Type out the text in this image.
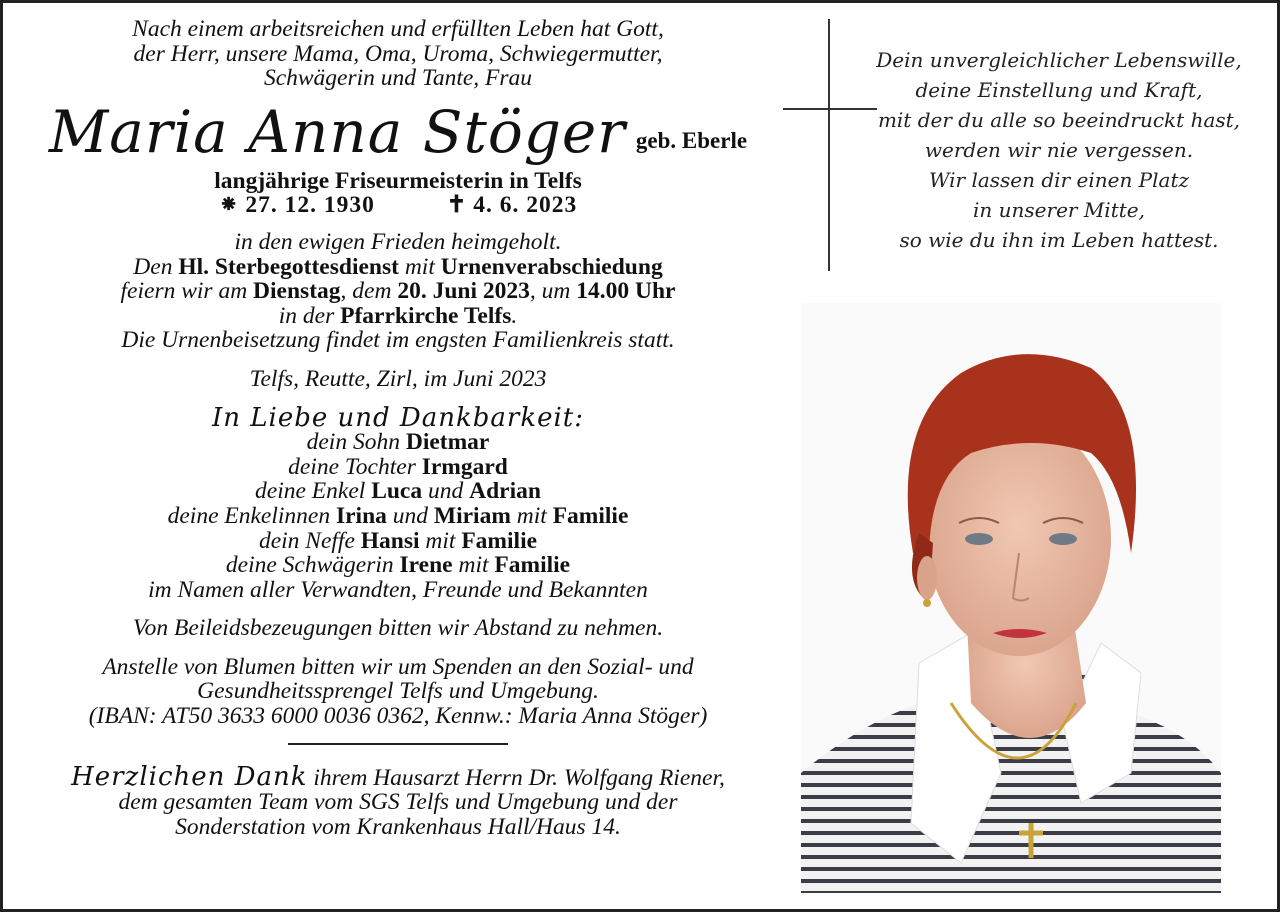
Nach einem arbeitsreichen und erfüllten Leben hat Gott,

der Herr, unsere Mama, Oma, Uroma, Schwiegermutter,

Schwägerin und Tante, Frau

Maria Anna Stöger geb. Eberle

langjährige Friseurmeisterin in Telfs

⁕ 27. 12. 1930	✝ 4. 6. 2023

in den ewigen Frieden heimgeholt.

Den Hl. Sterbegottesdienst mit Urnenverabschiedung

feiern wir am Dienstag, dem 20. Juni 2023, um 14.00 Uhr

in der Pfarrkirche Telfs.

Die Urnenbeisetzung findet im engsten Familienkreis statt.

Telfs, Reutte, Zirl, im Juni 2023

In Liebe und Dankbarkeit:

dein Sohn Dietmar

deine Tochter Irmgard

deine Enkel Luca und Adrian

deine Enkelinnen Irina und Miriam mit Familie

dein Neffe Hansi mit Familie

deine Schwägerin Irene mit Familie

im Namen aller Verwandten, Freunde und Bekannten

Von Beileidsbezeugungen bitten wir Abstand zu nehmen.

Anstelle von Blumen bitten wir um Spenden an den Sozial- und

Gesundheitssprengel Telfs und Umgebung.

(IBAN: AT50 3633 6000 0036 0362, Kennw.: Maria Anna Stöger)

Herzlichen Dank ihrem Hausarzt Herrn Dr. Wolfgang Riener,

dem gesamten Team vom SGS Telfs und Umgebung und der

Sonderstation vom Krankenhaus Hall/Haus 14.

Dein unvergleichlicher Lebenswille,

deine Einstellung und Kraft,

mit der du alle so beeindruckt hast,

werden wir nie vergessen.

Wir lassen dir einen Platz

in unserer Mitte,

so wie du ihn im Leben hattest.
